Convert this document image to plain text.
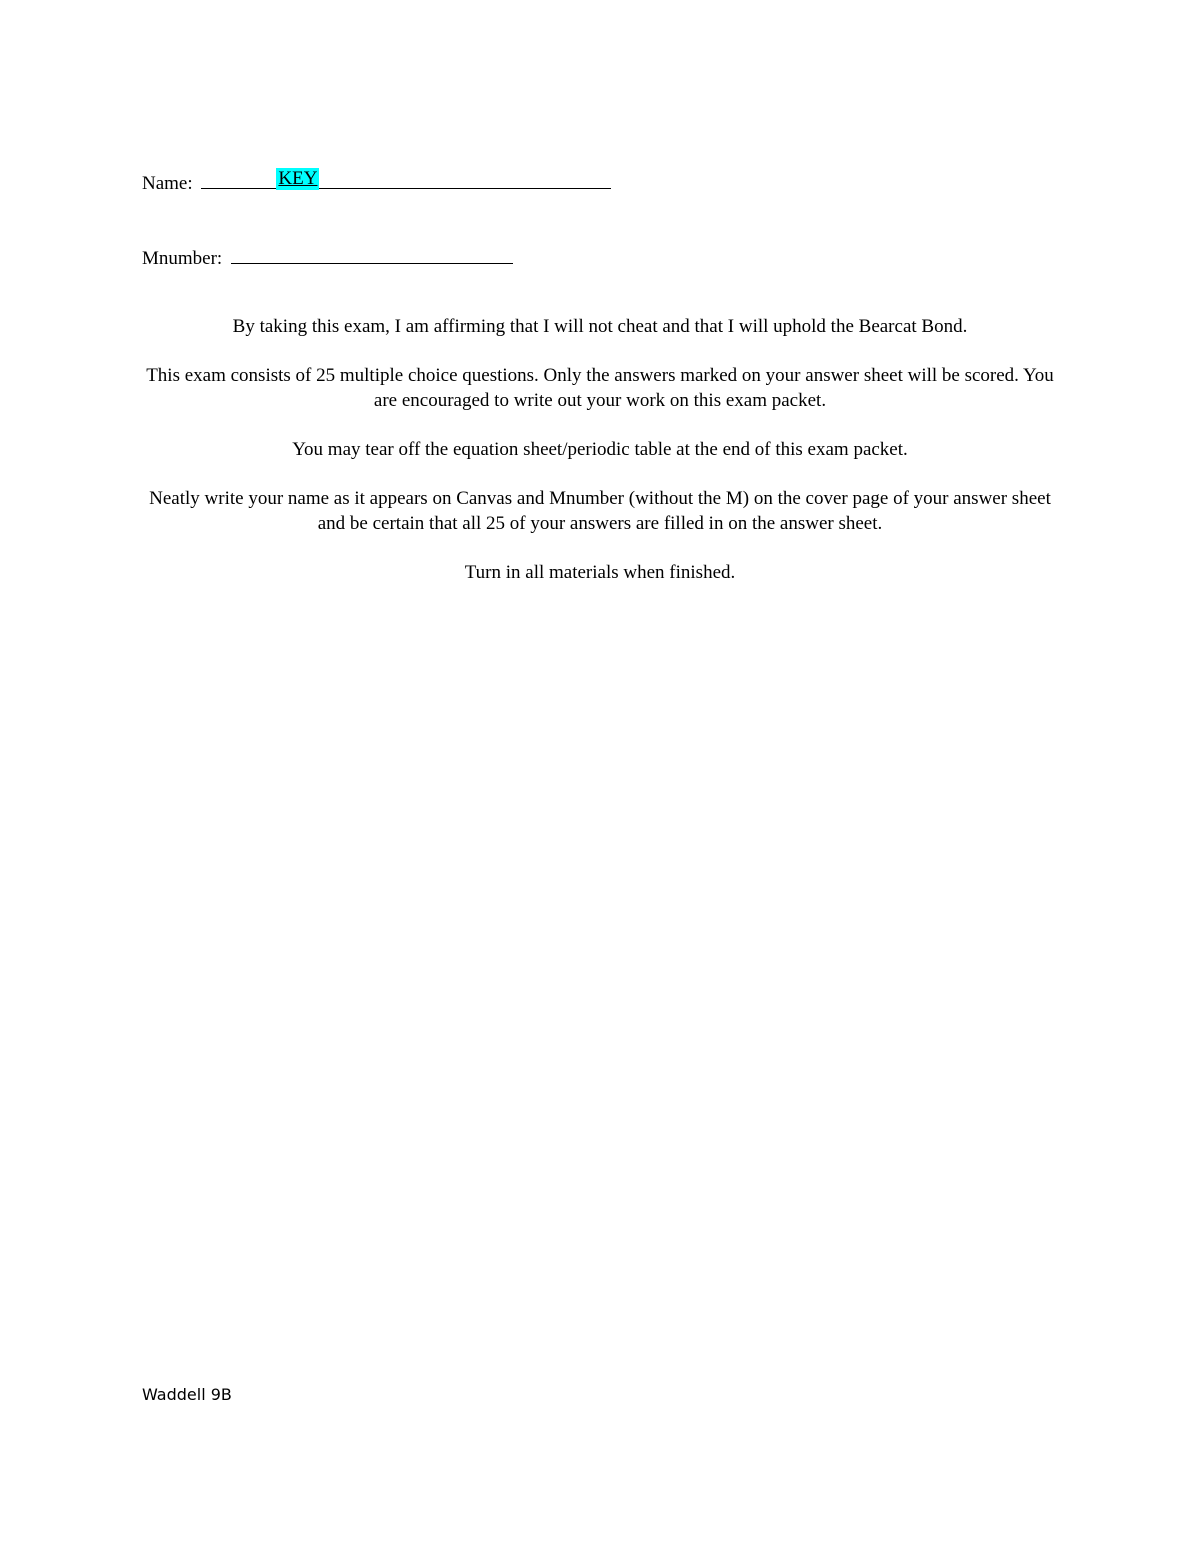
Name:	KEY
Mnumber:

By taking this exam, I am affirming that I will not cheat and that I will uphold the Bearcat Bond.

This exam consists of 25 multiple choice questions. Only the answers marked on your answer sheet will be scored. You are encouraged to write out your work on this exam packet.

You may tear off the equation sheet/periodic table at the end of this exam packet.

Neatly write your name as it appears on Canvas and Mnumber (without the M) on the cover page of your answer sheet and be certain that all 25 of your answers are filled in on the answer sheet.

Turn in all materials when finished.

Waddell 9B
